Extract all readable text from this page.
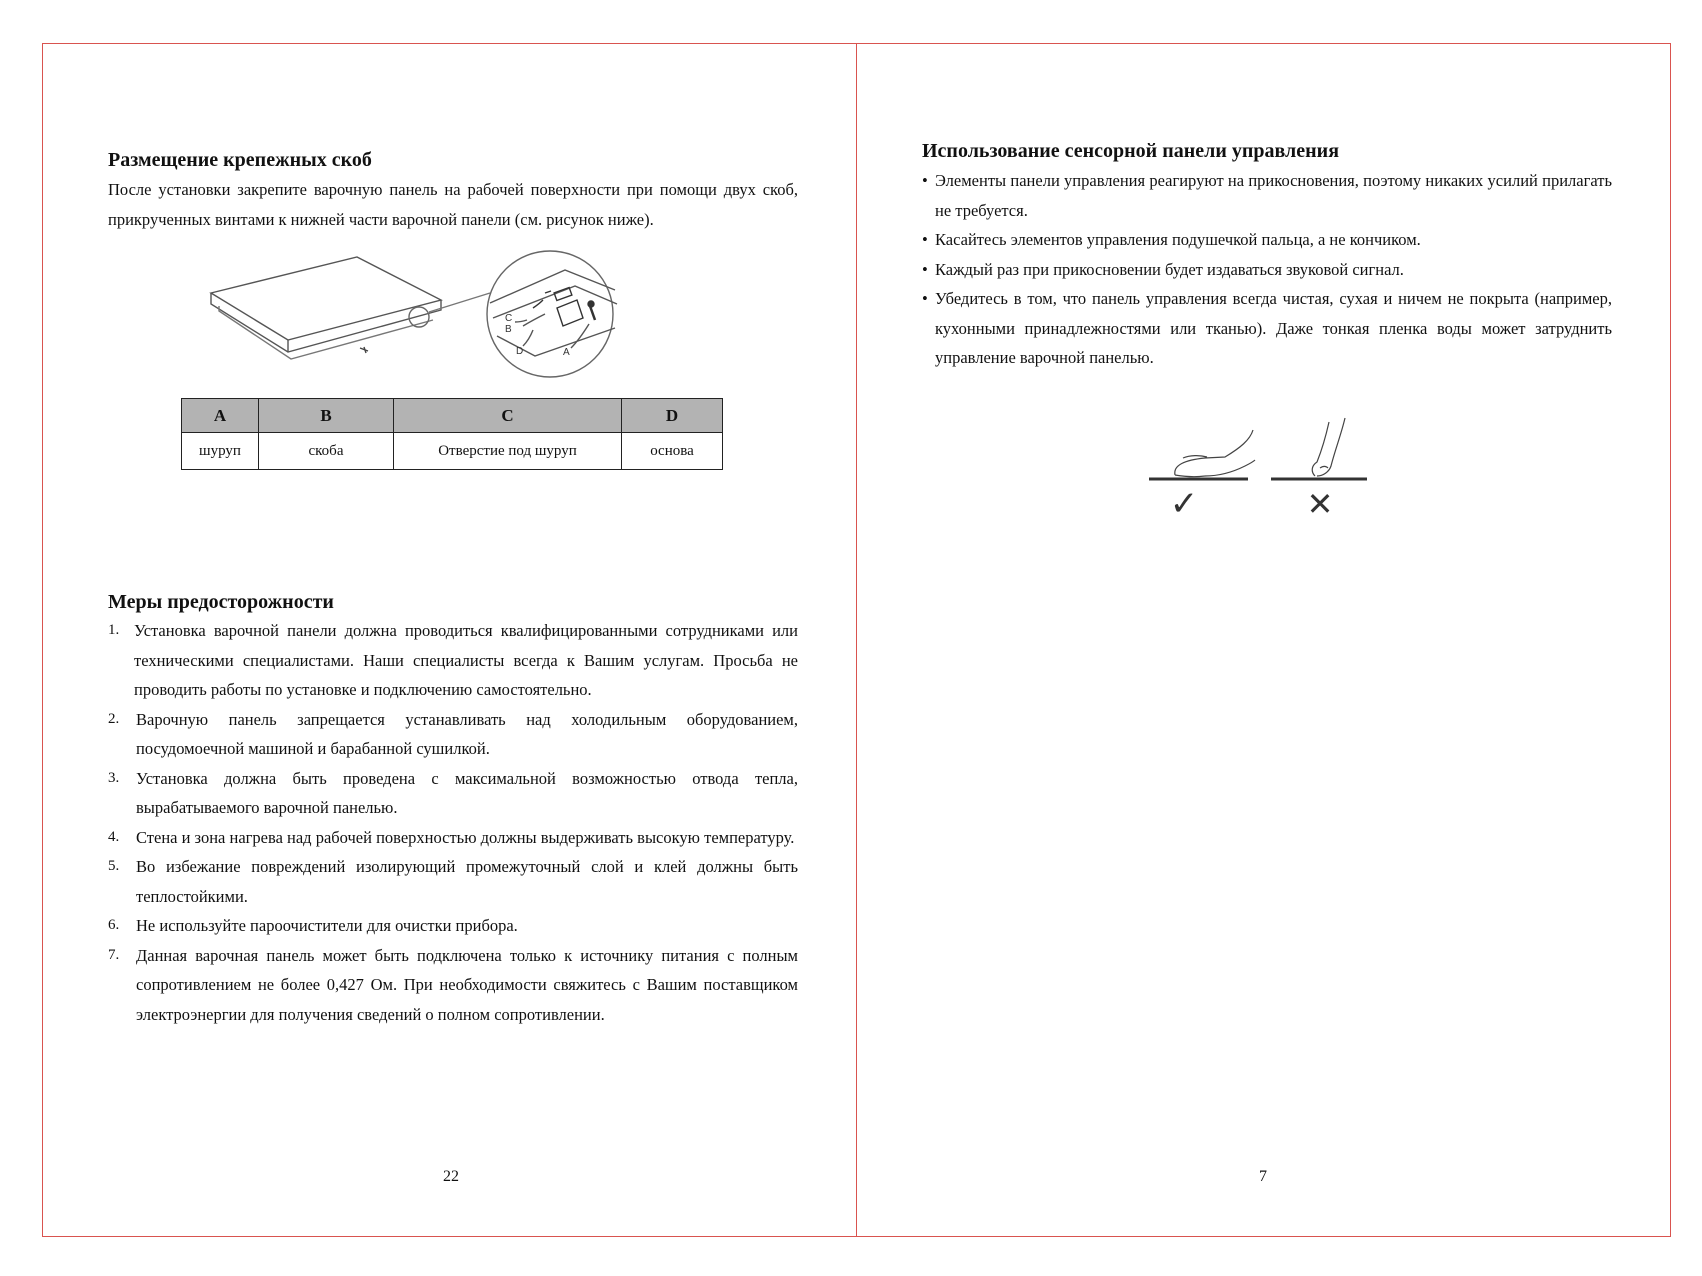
Размещение крепежных скоб

После установки закрепите варочную панель на рабочей поверхности при помощи двух скоб, прикрученных винтами к нижней части варочной панели (см. рисунок ниже).

C
B
D	A
A	B	C	D
шуруп	скоба	Отверстие под шуруп	основа
Меры предосторожности
1. Установка варочной панели должна проводиться квалифицированными сотрудниками или техническими специалистами. Наши специалисты всегда к Вашим услугам. Просьба не проводить работы по установке и подключению самостоятельно.
2. Варочную панель запрещается устанавливать над холодильным оборудованием, посудомоечной машиной и барабанной сушилкой.
3. Установка должна быть проведена с максимальной возможностью отвода тепла, вырабатываемого варочной панелью.
4. Стена и зона нагрева над рабочей поверхностью должны выдерживать высокую температуру.
5. Во избежание повреждений изолирующий промежуточный слой и клей должны быть теплостойкими.
6. Не используйте пароочистители для очистки прибора.
7. Данная варочная панель может быть подключена только к источнику питания с полным сопротивлением не более 0,427 Ом. При необходимости свяжитесь с Вашим поставщиком электроэнергии для получения сведений о полном сопротивлении.
22
Использование сенсорной панели управления
• Элементы панели управления реагируют на прикосновения, поэтому никаких усилий прилагать не требуется.
• Касайтесь элементов управления подушечкой пальца, а не кончиком.
• Каждый раз при прикосновении будет издаваться звуковой сигнал.
• Убедитесь в том, что панель управления всегда чистая, сухая и ничем не покрыта (например, кухонными принадлежностями или тканью). Даже тонкая пленка воды может затруднить управление варочной панелью.
✓	✕
7
